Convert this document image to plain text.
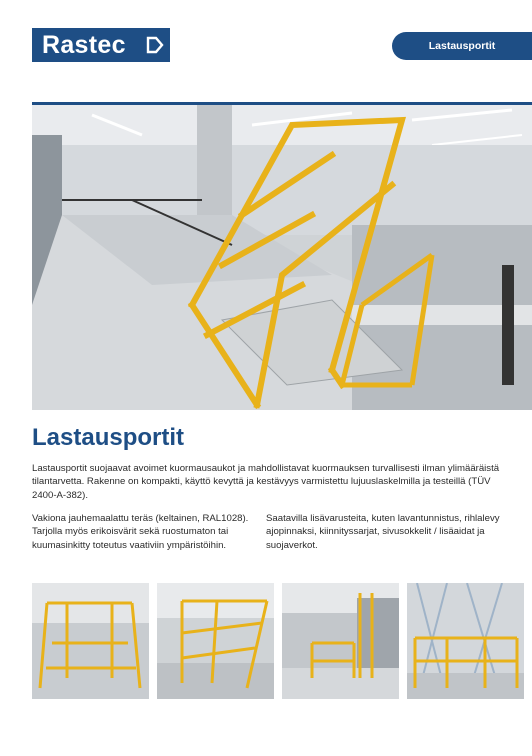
Rastec	Lastausportit
Lastausportit

Lastausportit suojaavat avoimet kuormausaukot ja mahdollistavat kuormauksen turvallisesti ilman ylimääräistä tilantarvetta. Rakenne on kompakti, käyttö kevyttä ja kestävyys varmistettu lujuuslaskelmilla ja testeillä (TÜV 2400-A-382).

Vakiona jauhemaalattu teräs (keltainen, RAL1028). Tarjolla myös erikoisvärit sekä ruostumaton tai kuumasinkitty toteutus vaativiin ympäristöihin.

Saatavilla lisävarusteita, kuten lavantunnistus, rihlalevy ajopinnaksi, kiinnityssarjat, sivusokkelit / lisäaidat ja suojaverkot.
